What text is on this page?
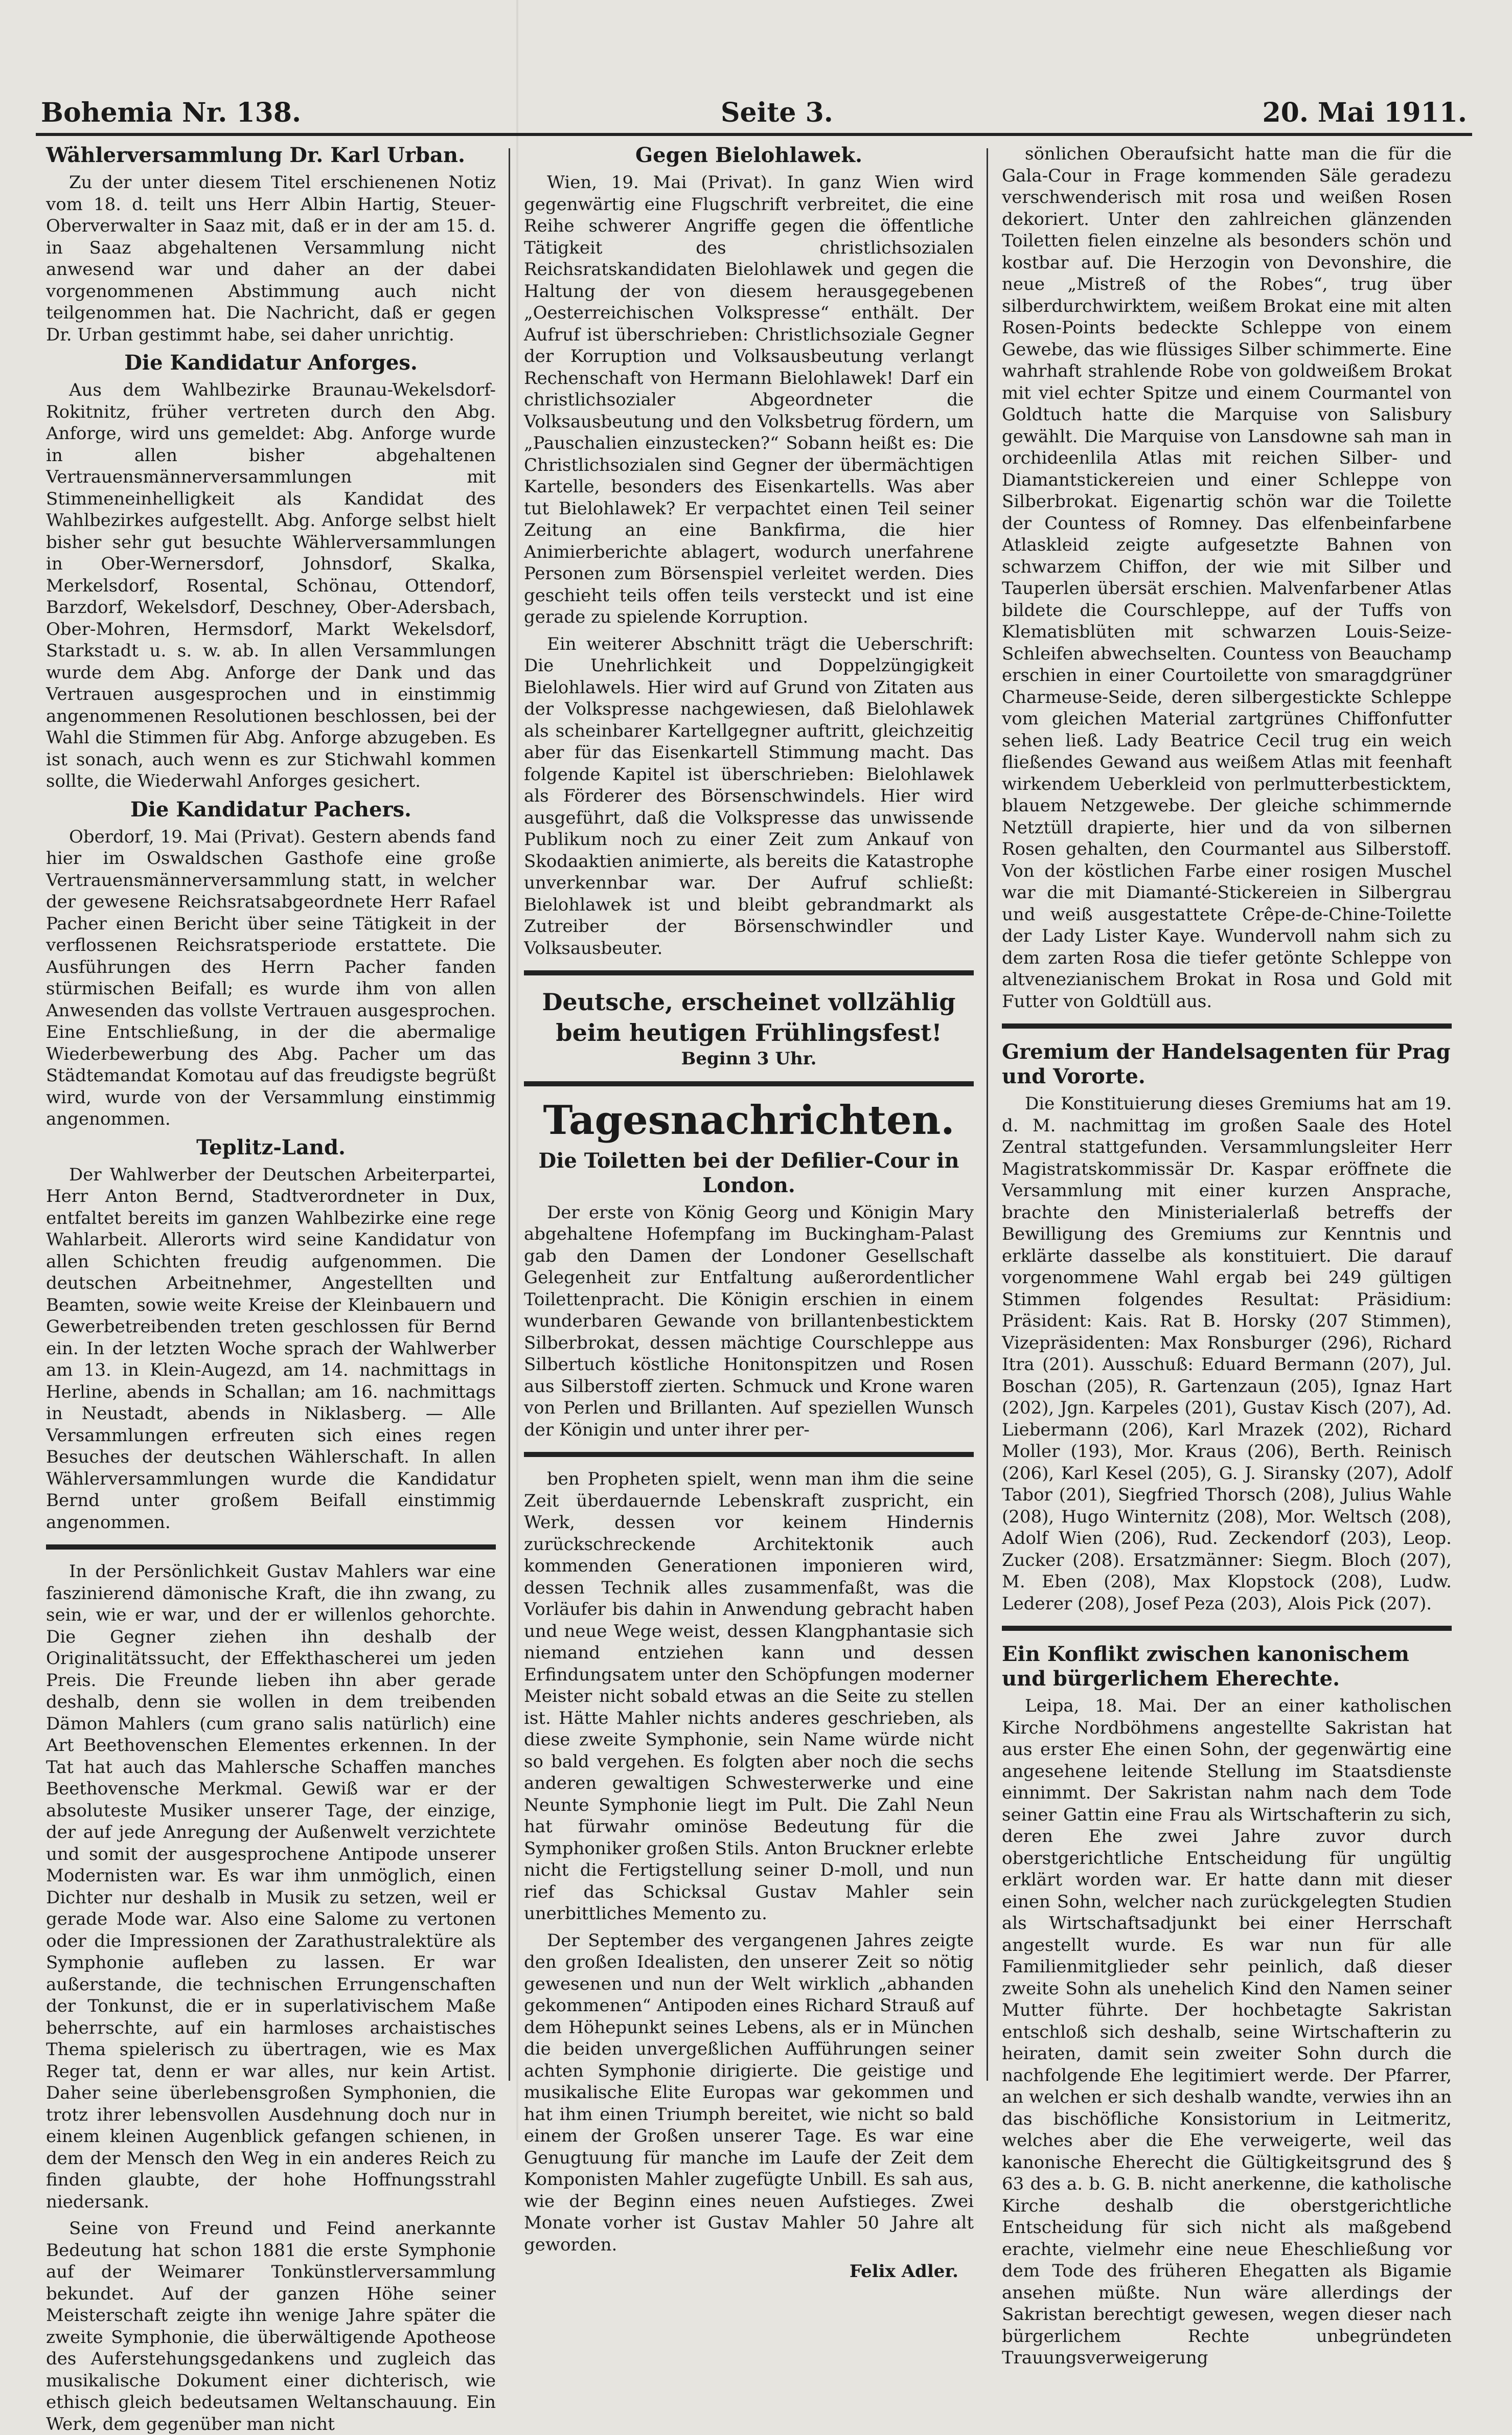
Bohemia Nr. 138.	Seite 3.	20. Mai 1911.
Wählerversammlung Dr. Karl Urban.

Zu der unter diesem Titel erschienenen Notiz vom 18. d. teilt uns Herr Albin Hartig, Steuer-Oberverwalter in Saaz mit, daß er in der am 15. d. in Saaz abgehaltenen Versammlung nicht anwesend war und daher an der dabei vorgenommenen Abstimmung auch nicht teilgenommen hat. Die Nachricht, daß er gegen Dr. Urban gestimmt habe, sei daher unrichtig.

Die Kandidatur Anforges.

Aus dem Wahlbezirke Braunau-Wekelsdorf-Rokitnitz, früher vertreten durch den Abg. Anforge, wird uns gemeldet: Abg. Anforge wurde in allen bisher abgehaltenen Vertrauensmännerversammlungen mit Stimmeneinhelligkeit als Kandidat des Wahlbezirkes aufgestellt. Abg. Anforge selbst hielt bisher sehr gut besuchte Wählerversammlungen in Ober-Wernersdorf, Johnsdorf, Skalka, Merkelsdorf, Rosental, Schönau, Ottendorf, Barzdorf, Wekelsdorf, Deschney, Ober-Adersbach, Ober-Mohren, Hermsdorf, Markt Wekelsdorf, Starkstadt u. s. w. ab. In allen Versammlungen wurde dem Abg. Anforge der Dank und das Vertrauen ausgesprochen und in einstimmig angenommenen Resolutionen beschlossen, bei der Wahl die Stimmen für Abg. Anforge abzugeben. Es ist sonach, auch wenn es zur Stichwahl kommen sollte, die Wiederwahl Anforges gesichert.

Die Kandidatur Pachers.

Oberdorf, 19. Mai (Privat). Gestern abends fand hier im Oswaldschen Gasthofe eine große Vertrauensmännerversammlung statt, in welcher der gewesene Reichsratsabgeordnete Herr Rafael Pacher einen Bericht über seine Tätigkeit in der verflossenen Reichsratsperiode erstattete. Die Ausführungen des Herrn Pacher fanden stürmischen Beifall; es wurde ihm von allen Anwesenden das vollste Vertrauen ausgesprochen. Eine Entschließung, in der die abermalige Wiederbewerbung des Abg. Pacher um das Städtemandat Komotau auf das freudigste begrüßt wird, wurde von der Versammlung einstimmig angenommen.

Teplitz-Land.

Der Wahlwerber der Deutschen Arbeiterpartei, Herr Anton Bernd, Stadtverordneter in Dux, entfaltet bereits im ganzen Wahlbezirke eine rege Wahlarbeit. Allerorts wird seine Kandidatur von allen Schichten freudig aufgenommen. Die deutschen Arbeitnehmer, Angestellten und Beamten, sowie weite Kreise der Kleinbauern und Gewerbetreibenden treten geschlossen für Bernd ein. In der letzten Woche sprach der Wahlwerber am 13. in Klein-Augezd, am 14. nachmittags in Herline, abends in Schallan; am 16. nachmittags in Neustadt, abends in Niklasberg. — Alle Versammlungen erfreuten sich eines regen Besuches der deutschen Wählerschaft. In allen Wählerversammlungen wurde die Kandidatur Bernd unter großem Beifall einstimmig angenommen.

In der Persönlichkeit Gustav Mahlers war eine faszinierend dämonische Kraft, die ihn zwang, zu sein, wie er war, und der er willenlos gehorchte. Die Gegner ziehen ihn deshalb der Originalitätssucht, der Effekthascherei um jeden Preis. Die Freunde lieben ihn aber gerade deshalb, denn sie wollen in dem treibenden Dämon Mahlers (cum grano salis natürlich) eine Art Beethovenschen Elementes erkennen. In der Tat hat auch das Mahlersche Schaffen manches Beethovensche Merkmal. Gewiß war er der absoluteste Musiker unserer Tage, der einzige, der auf jede Anregung der Außenwelt verzichtete und somit der ausgesprochene Antipode unserer Modernisten war. Es war ihm unmöglich, einen Dichter nur deshalb in Musik zu setzen, weil er gerade Mode war. Also eine Salome zu vertonen oder die Impressionen der Zarathustralektüre als Symphonie aufleben zu lassen. Er war außerstande, die technischen Errungenschaften der Tonkunst, die er in superlativischem Maße beherrschte, auf ein harmloses archaistisches Thema spielerisch zu übertragen, wie es Max Reger tat, denn er war alles, nur kein Artist. Daher seine überlebensgroßen Symphonien, die trotz ihrer lebensvollen Ausdehnung doch nur in einem kleinen Augenblick gefangen schienen, in dem der Mensch den Weg in ein anderes Reich zu finden glaubte, der hohe Hoffnungsstrahl niedersank.

Seine von Freund und Feind anerkannte Bedeutung hat schon 1881 die erste Symphonie auf der Weimarer Tonkünstlerversammlung bekundet. Auf der ganzen Höhe seiner Meisterschaft zeigte ihn wenige Jahre später die zweite Symphonie, die überwältigende Apotheose des Auferstehungsgedankens und zugleich das musikalische Dokument einer dichterisch, wie ethisch gleich bedeutsamen Weltanschauung. Ein Werk, dem gegenüber man nicht

Gegen Bielohlawek.

Wien, 19. Mai (Privat). In ganz Wien wird gegenwärtig eine Flugschrift verbreitet, die eine Reihe schwerer Angriffe gegen die öffentliche Tätigkeit des christlichsozialen Reichsratskandidaten Bielohlawek und gegen die Haltung der von diesem herausgegebenen „Oesterreichischen Volkspresse“ enthält. Der Aufruf ist überschrieben: Christlichsoziale Gegner der Korruption und Volksausbeutung verlangt Rechenschaft von Hermann Bielohlawek! Darf ein christlichsozialer Abgeordneter die Volksausbeutung und den Volksbetrug fördern, um „Pauschalien einzustecken?“ Sobann heißt es: Die Christlichsozialen sind Gegner der übermächtigen Kartelle, besonders des Eisenkartells. Was aber tut Bielohlawek? Er verpachtet einen Teil seiner Zeitung an eine Bankfirma, die hier Animierberichte ablagert, wodurch unerfahrene Personen zum Börsenspiel verleitet werden. Dies geschieht teils offen teils versteckt und ist eine gerade zu spielende Korruption.

Ein weiterer Abschnitt trägt die Ueberschrift: Die Unehrlichkeit und Doppelzüngigkeit Bielohlawels. Hier wird auf Grund von Zitaten aus der Volkspresse nachgewiesen, daß Bielohlawek als scheinbarer Kartellgegner auftritt, gleichzeitig aber für das Eisenkartell Stimmung macht. Das folgende Kapitel ist überschrieben: Bielohlawek als Förderer des Börsenschwindels. Hier wird ausgeführt, daß die Volkspresse das unwissende Publikum noch zu einer Zeit zum Ankauf von Skodaaktien animierte, als bereits die Katastrophe unverkennbar war. Der Aufruf schließt: Bielohlawek ist und bleibt gebrandmarkt als Zutreiber der Börsenschwindler und Volksausbeuter.

Deutsche, erscheinet vollzählig beim heutigen Frühlingsfest!
Beginn 3 Uhr.
Tagesnachrichten.
Die Toiletten bei der Defilier-Cour in London.

Der erste von König Georg und Königin Mary abgehaltene Hofempfang im Buckingham-Palast gab den Damen der Londoner Gesellschaft Gelegenheit zur Entfaltung außerordentlicher Toilettenpracht. Die Königin erschien in einem wunderbaren Gewande von brillantenbesticktem Silberbrokat, dessen mächtige Courschleppe aus Silbertuch köstliche Honitonspitzen und Rosen aus Silberstoff zierten. Schmuck und Krone waren von Perlen und Brillanten. Auf speziellen Wunsch der Königin und unter ihrer per-

ben Propheten spielt, wenn man ihm die seine Zeit überdauernde Lebenskraft zuspricht, ein Werk, dessen vor keinem Hindernis zurückschreckende Architektonik auch kommenden Generationen imponieren wird, dessen Technik alles zusammenfaßt, was die Vorläufer bis dahin in Anwendung gebracht haben und neue Wege weist, dessen Klangphantasie sich niemand entziehen kann und dessen Erfindungsatem unter den Schöpfungen moderner Meister nicht sobald etwas an die Seite zu stellen ist. Hätte Mahler nichts anderes geschrieben, als diese zweite Symphonie, sein Name würde nicht so bald vergehen. Es folgten aber noch die sechs anderen gewaltigen Schwesterwerke und eine Neunte Symphonie liegt im Pult. Die Zahl Neun hat fürwahr ominöse Bedeutung für die Symphoniker großen Stils. Anton Bruckner erlebte nicht die Fertigstellung seiner D-moll, und nun rief das Schicksal Gustav Mahler sein unerbittliches Memento zu.

Der September des vergangenen Jahres zeigte den großen Idealisten, den unserer Zeit so nötig gewesenen und nun der Welt wirklich „abhanden gekommenen“ Antipoden eines Richard Strauß auf dem Höhepunkt seines Lebens, als er in München die beiden unvergeßlichen Aufführungen seiner achten Symphonie dirigierte. Die geistige und musikalische Elite Europas war gekommen und hat ihm einen Triumph bereitet, wie nicht so bald einem der Großen unserer Tage. Es war eine Genugtuung für manche im Laufe der Zeit dem Komponisten Mahler zugefügte Unbill. Es sah aus, wie der Beginn eines neuen Aufstieges. Zwei Monate vorher ist Gustav Mahler 50 Jahre alt geworden.

Felix Adler.

sönlichen Oberaufsicht hatte man die für die Gala-Cour in Frage kommenden Säle geradezu verschwenderisch mit rosa und weißen Rosen dekoriert. Unter den zahlreichen glänzenden Toiletten fielen einzelne als besonders schön und kostbar auf. Die Herzogin von Devonshire, die neue „Mistreß of the Robes“, trug über silberdurchwirktem, weißem Brokat eine mit alten Rosen-Points bedeckte Schleppe von einem Gewebe, das wie flüssiges Silber schimmerte. Eine wahrhaft strahlende Robe von goldweißem Brokat mit viel echter Spitze und einem Courmantel von Goldtuch hatte die Marquise von Salisbury gewählt. Die Marquise von Lansdowne sah man in orchideenlila Atlas mit reichen Silber- und Diamantstickereien und einer Schleppe von Silberbrokat. Eigenartig schön war die Toilette der Countess of Romney. Das elfenbeinfarbene Atlaskleid zeigte aufgesetzte Bahnen von schwarzem Chiffon, der wie mit Silber und Tauperlen übersät erschien. Malvenfarbener Atlas bildete die Courschleppe, auf der Tuffs von Klematisblüten mit schwarzen Louis-Seize-Schleifen abwechselten. Countess von Beauchamp erschien in einer Courtoilette von smaragdgrüner Charmeuse-Seide, deren silbergestickte Schleppe vom gleichen Material zartgrünes Chiffonfutter sehen ließ. Lady Beatrice Cecil trug ein weich fließendes Gewand aus weißem Atlas mit feenhaft wirkendem Ueberkleid von perlmutterbesticktem, blauem Netzgewebe. Der gleiche schimmernde Netztüll drapierte, hier und da von silbernen Rosen gehalten, den Courmantel aus Silberstoff. Von der köstlichen Farbe einer rosigen Muschel war die mit Diamanté-Stickereien in Silbergrau und weiß ausgestattete Crêpe-de-Chine-Toilette der Lady Lister Kaye. Wundervoll nahm sich zu dem zarten Rosa die tiefer getönte Schleppe von altvenezianischem Brokat in Rosa und Gold mit Futter von Goldtüll aus.

Gremium der Handelsagenten für Prag und Vororte.

Die Konstituierung dieses Gremiums hat am 19. d. M. nachmittag im großen Saale des Hotel Zentral stattgefunden. Versammlungsleiter Herr Magistratskommissär Dr. Kaspar eröffnete die Versammlung mit einer kurzen Ansprache, brachte den Ministerialerlaß betreffs der Bewilligung des Gremiums zur Kenntnis und erklärte dasselbe als konstituiert. Die darauf vorgenommene Wahl ergab bei 249 gültigen Stimmen folgendes Resultat: Präsidium: Präsident: Kais. Rat B. Horsky (207 Stimmen), Vizepräsidenten: Max Ronsburger (296), Richard Itra (201). Ausschuß: Eduard Bermann (207), Jul. Boschan (205), R. Gartenzaun (205), Ignaz Hart (202), Jgn. Karpeles (201), Gustav Kisch (207), Ad. Liebermann (206), Karl Mrazek (202), Richard Moller (193), Mor. Kraus (206), Berth. Reinisch (206), Karl Kesel (205), G. J. Siransky (207), Adolf Tabor (201), Siegfried Thorsch (208), Julius Wahle (208), Hugo Winternitz (208), Mor. Weltsch (208), Adolf Wien (206), Rud. Zeckendorf (203), Leop. Zucker (208). Ersatzmänner: Siegm. Bloch (207), M. Eben (208), Max Klopstock (208), Ludw. Lederer (208), Josef Peza (203), Alois Pick (207).

Ein Konflikt zwischen kanonischem und bürgerlichem Eherechte.

Leipa, 18. Mai. Der an einer katholischen Kirche Nordböhmens angestellte Sakristan hat aus erster Ehe einen Sohn, der gegenwärtig eine angesehene leitende Stellung im Staatsdienste einnimmt. Der Sakristan nahm nach dem Tode seiner Gattin eine Frau als Wirtschafterin zu sich, deren Ehe zwei Jahre zuvor durch oberstgerichtliche Entscheidung für ungültig erklärt worden war. Er hatte dann mit dieser einen Sohn, welcher nach zurückgelegten Studien als Wirtschaftsadjunkt bei einer Herrschaft angestellt wurde. Es war nun für alle Familienmitglieder sehr peinlich, daß dieser zweite Sohn als unehelich Kind den Namen seiner Mutter führte. Der hochbetagte Sakristan entschloß sich deshalb, seine Wirtschafterin zu heiraten, damit sein zweiter Sohn durch die nachfolgende Ehe legitimiert werde. Der Pfarrer, an welchen er sich deshalb wandte, verwies ihn an das bischöfliche Konsistorium in Leitmeritz, welches aber die Ehe verweigerte, weil das kanonische Eherecht die Gültigkeitsgrund des § 63 des a. b. G. B. nicht anerkenne, die katholische Kirche deshalb die oberstgerichtliche Entscheidung für sich nicht als maßgebend erachte, vielmehr eine neue Eheschließung vor dem Tode des früheren Ehegatten als Bigamie ansehen müßte. Nun wäre allerdings der Sakristan berechtigt gewesen, wegen dieser nach bürgerlichem Rechte unbegründeten Trauungsverweigerung
